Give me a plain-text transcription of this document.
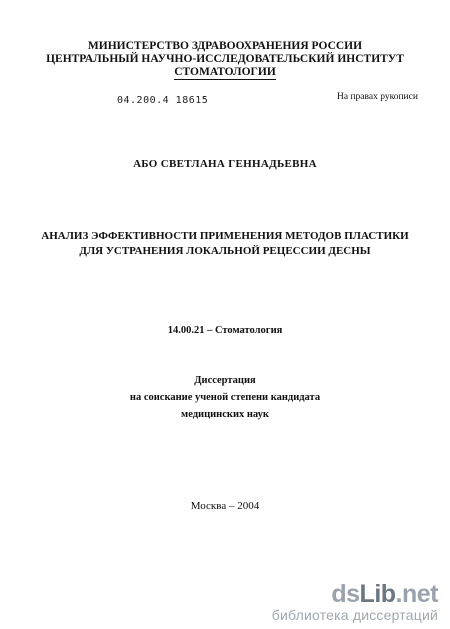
МИНИСТЕРСТВО ЗДРАВООХРАНЕНИЯ РОССИИ
ЦЕНТРАЛЬНЫЙ НАУЧНО-ИССЛЕДОВАТЕЛЬСКИЙ ИНСТИТУТ
СТОМАТОЛОГИИ
04.200.4 18615	На правах рукописи
АБО СВЕТЛАНА ГЕННАДЬЕВНА
АНАЛИЗ ЭФФЕКТИВНОСТИ ПРИМЕНЕНИЯ МЕТОДОВ ПЛАСТИКИ
ДЛЯ УСТРАНЕНИЯ ЛОКАЛЬНОЙ РЕЦЕССИИ ДЕСНЫ
14.00.21 – Стоматология
Диссертация
на соискание ученой степени кандидата
медицинских наук
Москва – 2004
dsLib.net
библиотека диссертаций
